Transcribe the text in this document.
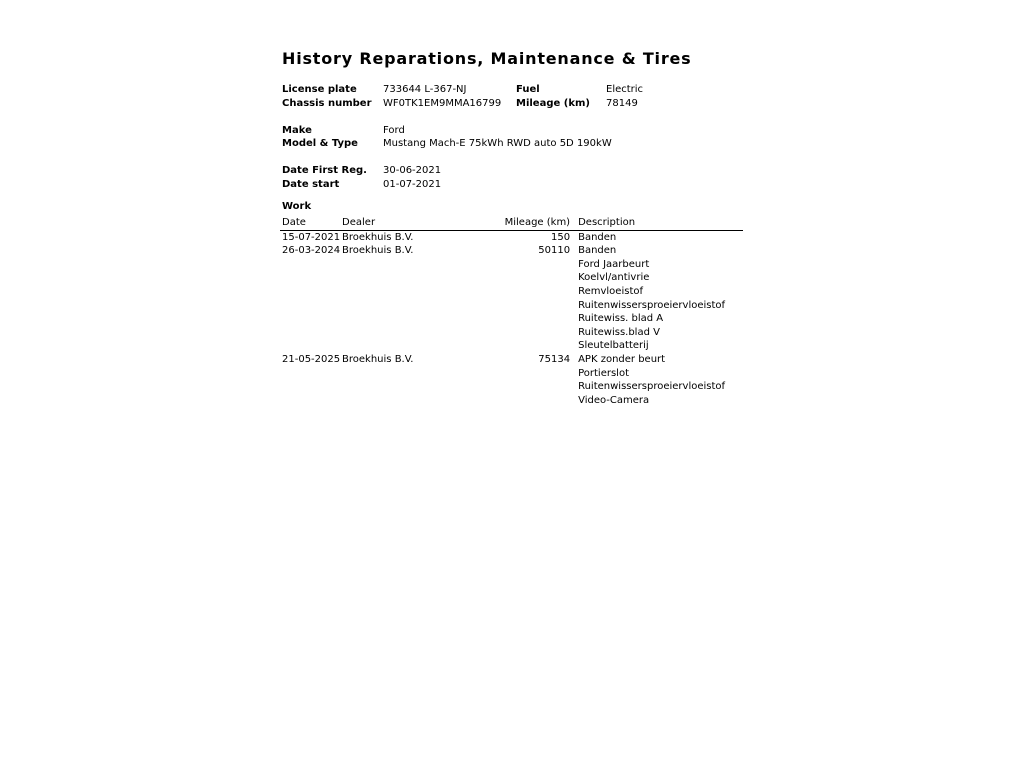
History Reparations, Maintenance & Tires
License plate	733644 L-367-NJ	Fuel	Electric
Chassis number WF0TK1EM9MMA16799 Mileage (km) 78149
Make	Ford
Model & Type	Mustang Mach-E 75kWh RWD auto 5D 190kW
Date First Reg. 30-06-2021
Date start	01-07-2021
Work
Date	Dealer	Mileage (km)	Description
15-07-2021	Broekhuis B.V.	150	Banden
26-03-2024	Broekhuis B.V.	50110	Banden
			Ford Jaarbeurt
			Koelvl/antivrie
			Remvloeistof
			Ruitenwissersproeiervloeistof
			Ruitewiss. blad A
			Ruitewiss.blad V
			Sleutelbatterij
21-05-2025	Broekhuis B.V.	75134	APK zonder beurt
			Portierslot
			Ruitenwissersproeiervloeistof
			Video-Camera
